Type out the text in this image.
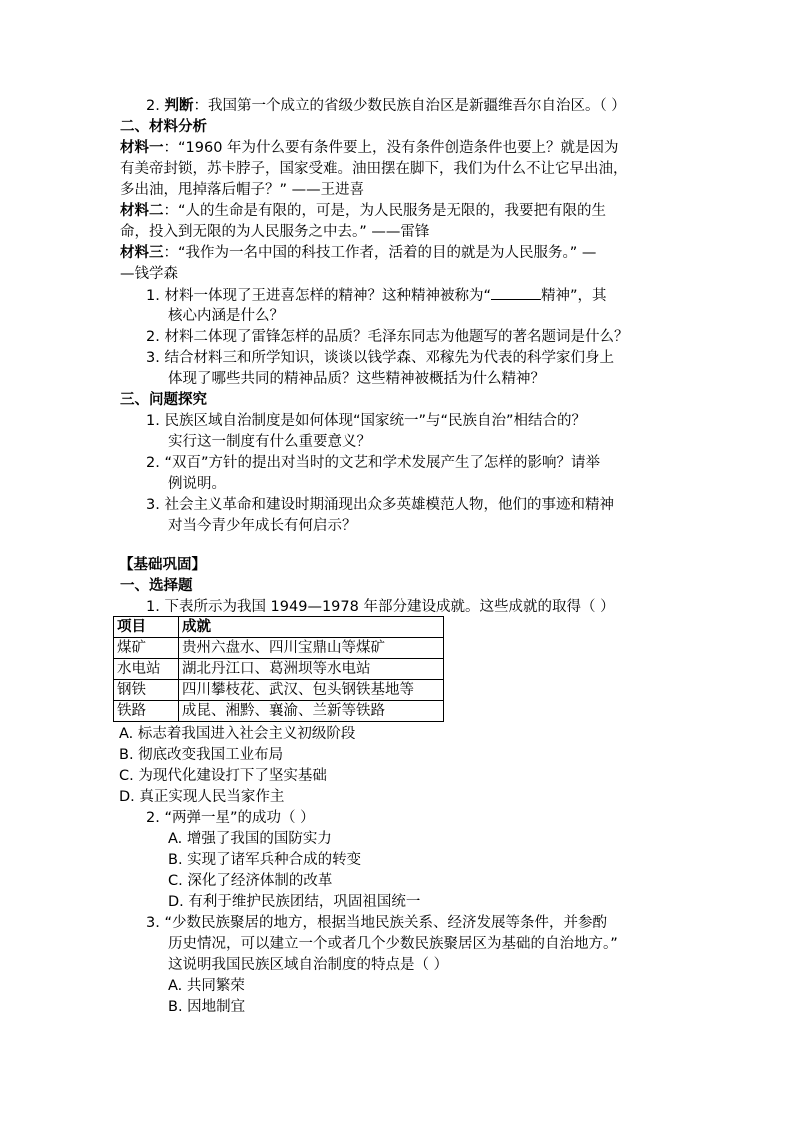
2. 判断：我国第一个成立的省级少数民族自治区是新疆维吾尔自治区。（ ）
二、材料分析
材料一：“1960 年为什么要有条件要上，没有条件创造条件也要上？就是因为
有美帝封锁，苏卡脖子，国家受难。油田摆在脚下，我们为什么不让它早出油，
多出油，甩掉落后帽子？” ——王进喜
材料二：“人的生命是有限的，可是，为人民服务是无限的，我要把有限的生
命，投入到无限的为人民服务之中去。” ——雷锋
材料三：“我作为一名中国的科技工作者，活着的目的就是为人民服务。” —
—钱学森
1. 材料一体现了王进喜怎样的精神？这种精神被称为“	精神”，其
核心内涵是什么？
2. 材料二体现了雷锋怎样的品质？毛泽东同志为他题写的著名题词是什么？
3. 结合材料三和所学知识，谈谈以钱学森、邓稼先为代表的科学家们身上
体现了哪些共同的精神品质？这些精神被概括为什么精神？
三、问题探究
1. 民族区域自治制度是如何体现“国家统一”与“民族自治”相结合的？
实行这一制度有什么重要意义？
2. “双百”方针的提出对当时的文艺和学术发展产生了怎样的影响？请举
例说明。
3. 社会主义革命和建设时期涌现出众多英雄模范人物，他们的事迹和精神
对当今青少年成长有何启示？
【基础巩固】
一、选择题
1. 下表所示为我国 1949—1978 年部分建设成就。这些成就的取得（ ）
项目	成就
煤矿	贵州六盘水、四川宝鼎山等煤矿
水电站	湖北丹江口、葛洲坝等水电站
钢铁	四川攀枝花、武汉、包头钢铁基地等
铁路	成昆、湘黔、襄渝、兰新等铁路
A. 标志着我国进入社会主义初级阶段
B. 彻底改变我国工业布局
C. 为现代化建设打下了坚实基础
D. 真正实现人民当家作主
2. “两弹一星”的成功（ ）
A. 增强了我国的国防实力
B. 实现了诸军兵种合成的转变
C. 深化了经济体制的改革
D. 有利于维护民族团结，巩固祖国统一
3. “少数民族聚居的地方，根据当地民族关系、经济发展等条件，并参酌
历史情况，可以建立一个或者几个少数民族聚居区为基础的自治地方。”
这说明我国民族区域自治制度的特点是（ ）
A. 共同繁荣
B. 因地制宜
